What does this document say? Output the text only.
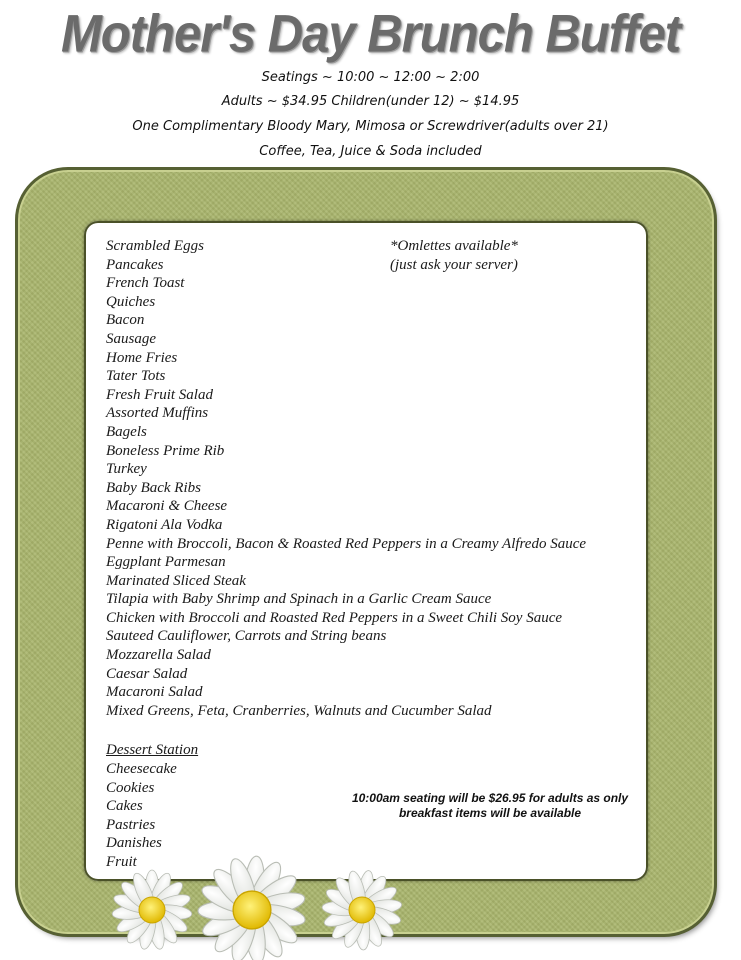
Mother's Day Brunch Buffet
Seatings ~ 10:00 ~ 12:00 ~ 2:00
Adults ~ $34.95 Children(under 12) ~ $14.95
One Complimentary Bloody Mary, Mimosa or Screwdriver(adults over 21)
Coffee, Tea, Juice & Soda included
Scrambled Eggs
Pancakes
French Toast
Quiches
Bacon
Sausage
Home Fries
Tater Tots
Fresh Fruit Salad
Assorted Muffins
Bagels
Boneless Prime Rib
Turkey
Baby Back Ribs
Macaroni & Cheese
Rigatoni Ala Vodka
Penne with Broccoli, Bacon & Roasted Red Peppers in a Creamy Alfredo Sauce
Eggplant Parmesan
Marinated Sliced Steak
Tilapia with Baby Shrimp and Spinach in a Garlic Cream Sauce
Chicken with Broccoli and Roasted Red Peppers in a Sweet Chili Soy Sauce
Sauteed Cauliflower, Carrots and String beans
Mozzarella Salad
Caesar Salad
Macaroni Salad
Mixed Greens, Feta, Cranberries, Walnuts and Cucumber Salad
*Omlettes available*
(just ask your server)
Dessert Station
Cheesecake
Cookies
Cakes
Pastries
Danishes
Fruit
10:00am seating will be $26.95 for adults as only
breakfast items will be available
